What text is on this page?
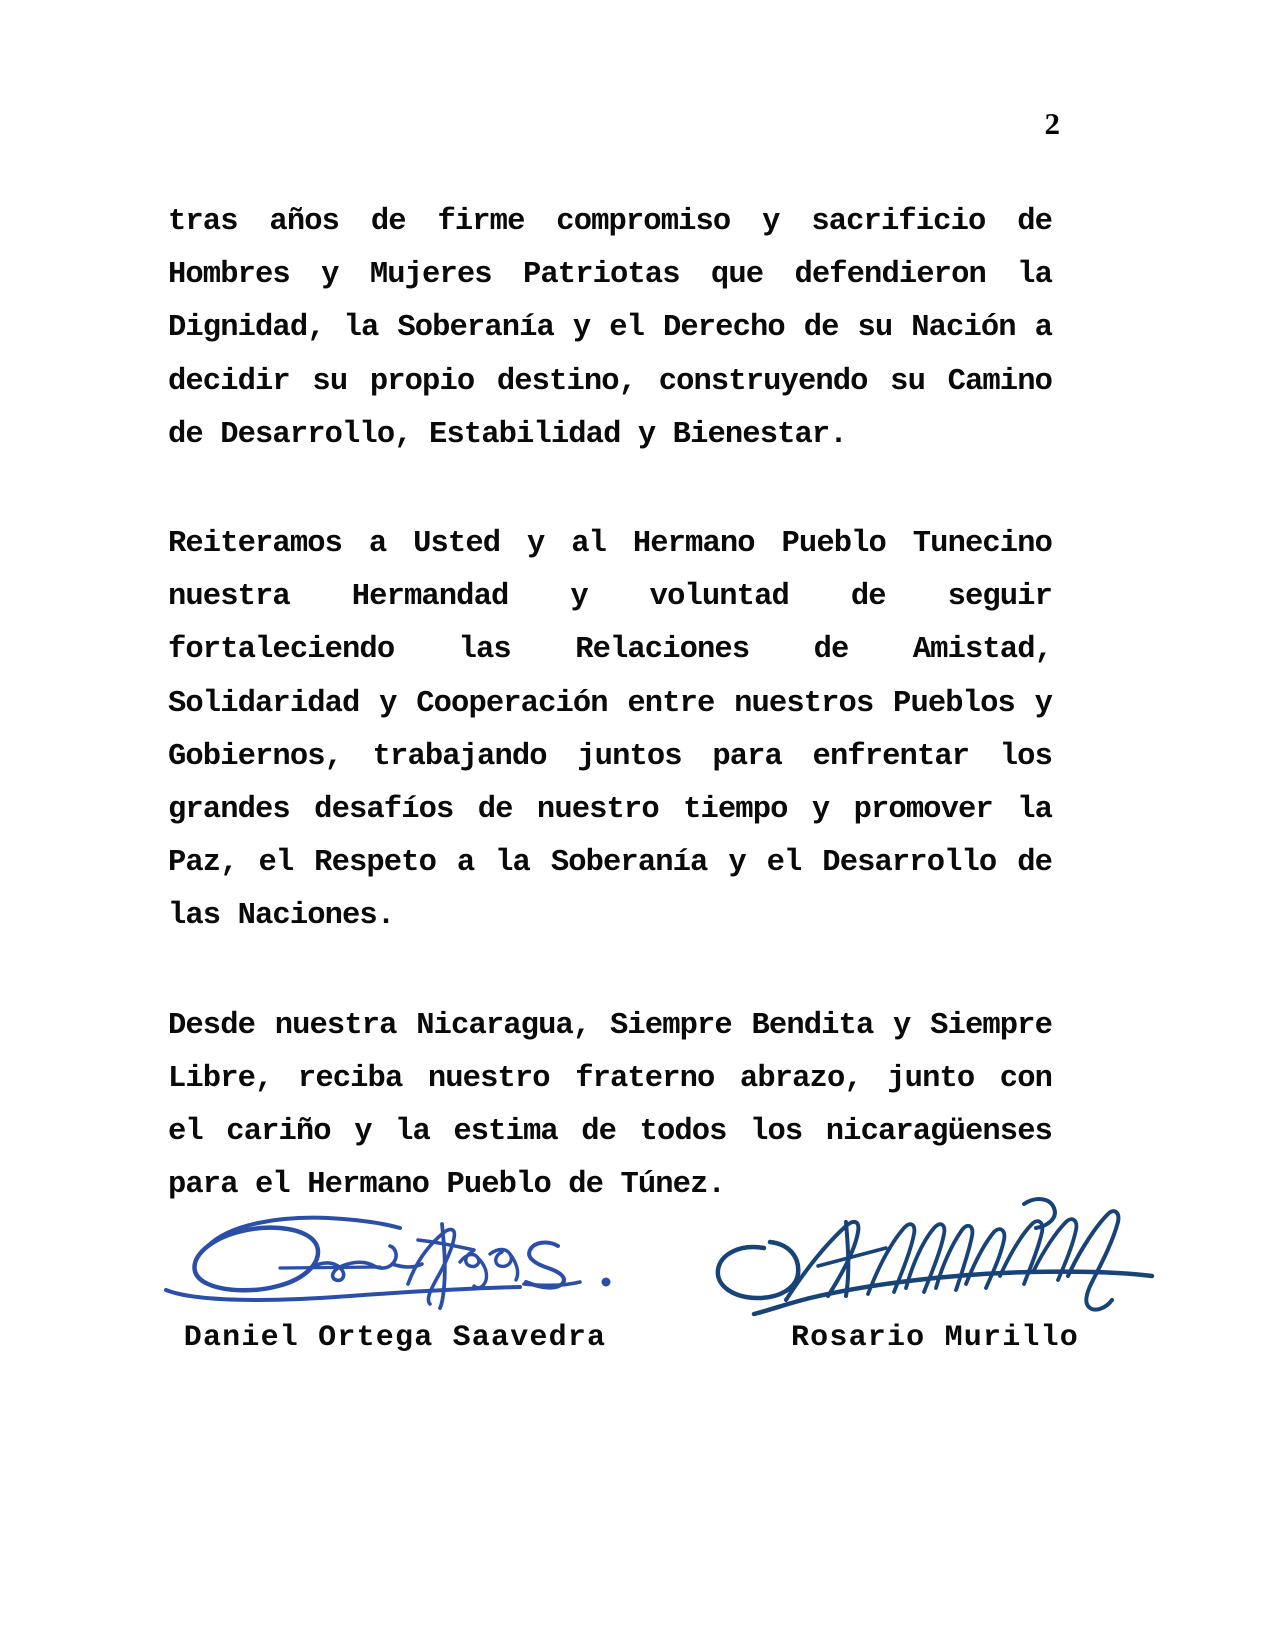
2

tras años de firme compromiso y sacrificio de Hombres y Mujeres Patriotas que defendieron la Dignidad, la Soberanía y el Derecho de su Nación a decidir su propio destino, construyendo su Camino de Desarrollo, Estabilidad y Bienestar.

Reiteramos a Usted y al Hermano Pueblo Tunecino nuestra Hermandad y voluntad de seguir fortaleciendo las Relaciones de Amistad, Solidaridad y Cooperación entre nuestros Pueblos y Gobiernos, trabajando juntos para enfrentar los grandes desafíos de nuestro tiempo y promover la Paz, el Respeto a la Soberanía y el Desarrollo de las Naciones.

Desde nuestra Nicaragua, Siempre Bendita y Siempre Libre, reciba nuestro fraterno abrazo, junto con el cariño y la estima de todos los nicaragüenses para el Hermano Pueblo de Túnez.

Daniel Ortega Saavedra	Rosario Murillo
